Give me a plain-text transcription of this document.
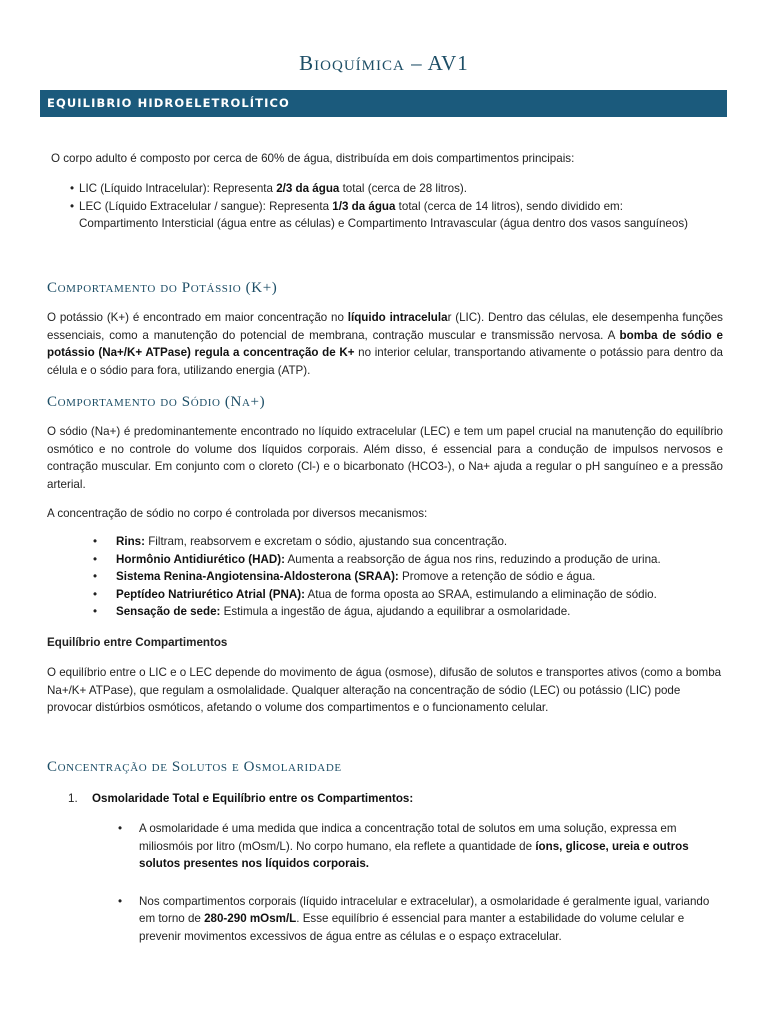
Bioquímica – AV1
EQUILIBRIO HIDROELETROLÍTICO

O corpo adulto é composto por cerca de 60% de água, distribuída em dois compartimentos principais:

• LIC (Líquido Intracelular): Representa 2/3 da água total (cerca de 28 litros).
• LEC (Líquido Extracelular / sangue): Representa 1/3 da água total (cerca de 14 litros), sendo dividido em: Compartimento Intersticial (água entre as células) e Compartimento Intravascular (água dentro dos vasos sanguíneos)
Comportamento do Potássio (K+)

O potássio (K+) é encontrado em maior concentração no líquido intracelular (LIC). Dentro das células, ele desempenha funções essenciais, como a manutenção do potencial de membrana, contração muscular e transmissão nervosa. A bomba de sódio e potássio (Na+/K+ ATPase) regula a concentração de K+ no interior celular, transportando ativamente o potássio para dentro da célula e o sódio para fora, utilizando energia (ATP).

Comportamento do Sódio (Na+)

O sódio (Na+) é predominantemente encontrado no líquido extracelular (LEC) e tem um papel crucial na manutenção do equilíbrio osmótico e no controle do volume dos líquidos corporais. Além disso, é essencial para a condução de impulsos nervosos e contração muscular. Em conjunto com o cloreto (Cl-) e o bicarbonato (HCO3-), o Na+ ajuda a regular o pH sanguíneo e a pressão arterial.

A concentração de sódio no corpo é controlada por diversos mecanismos:

• Rins: Filtram, reabsorvem e excretam o sódio, ajustando sua concentração.
• Hormônio Antidiurético (HAD): Aumenta a reabsorção de água nos rins, reduzindo a produção de urina.
• Sistema Renina-Angiotensina-Aldosterona (SRAA): Promove a retenção de sódio e água.
• Peptídeo Natriurético Atrial (PNA): Atua de forma oposta ao SRAA, estimulando a eliminação de sódio.
• Sensação de sede: Estimula a ingestão de água, ajudando a equilibrar a osmolaridade.

Equilíbrio entre Compartimentos

O equilíbrio entre o LIC e o LEC depende do movimento de água (osmose), difusão de solutos e transportes ativos (como a bomba Na+/K+ ATPase), que regulam a osmolalidade. Qualquer alteração na concentração de sódio (LEC) ou potássio (LIC) pode provocar distúrbios osmóticos, afetando o volume dos compartimentos e o funcionamento celular.

Concentração de Solutos e Osmolaridade
1. Osmolaridade Total e Equilíbrio entre os Compartimentos:
• A osmolaridade é uma medida que indica a concentração total de solutos em uma solução, expressa em miliosmóis por litro (mOsm/L). No corpo humano, ela reflete a quantidade de íons, glicose, ureia e outros solutos presentes nos líquidos corporais.
• Nos compartimentos corporais (líquido intracelular e extracelular), a osmolaridade é geralmente igual, variando em torno de 280-290 mOsm/L. Esse equilíbrio é essencial para manter a estabilidade do volume celular e prevenir movimentos excessivos de água entre as células e o espaço extracelular.
